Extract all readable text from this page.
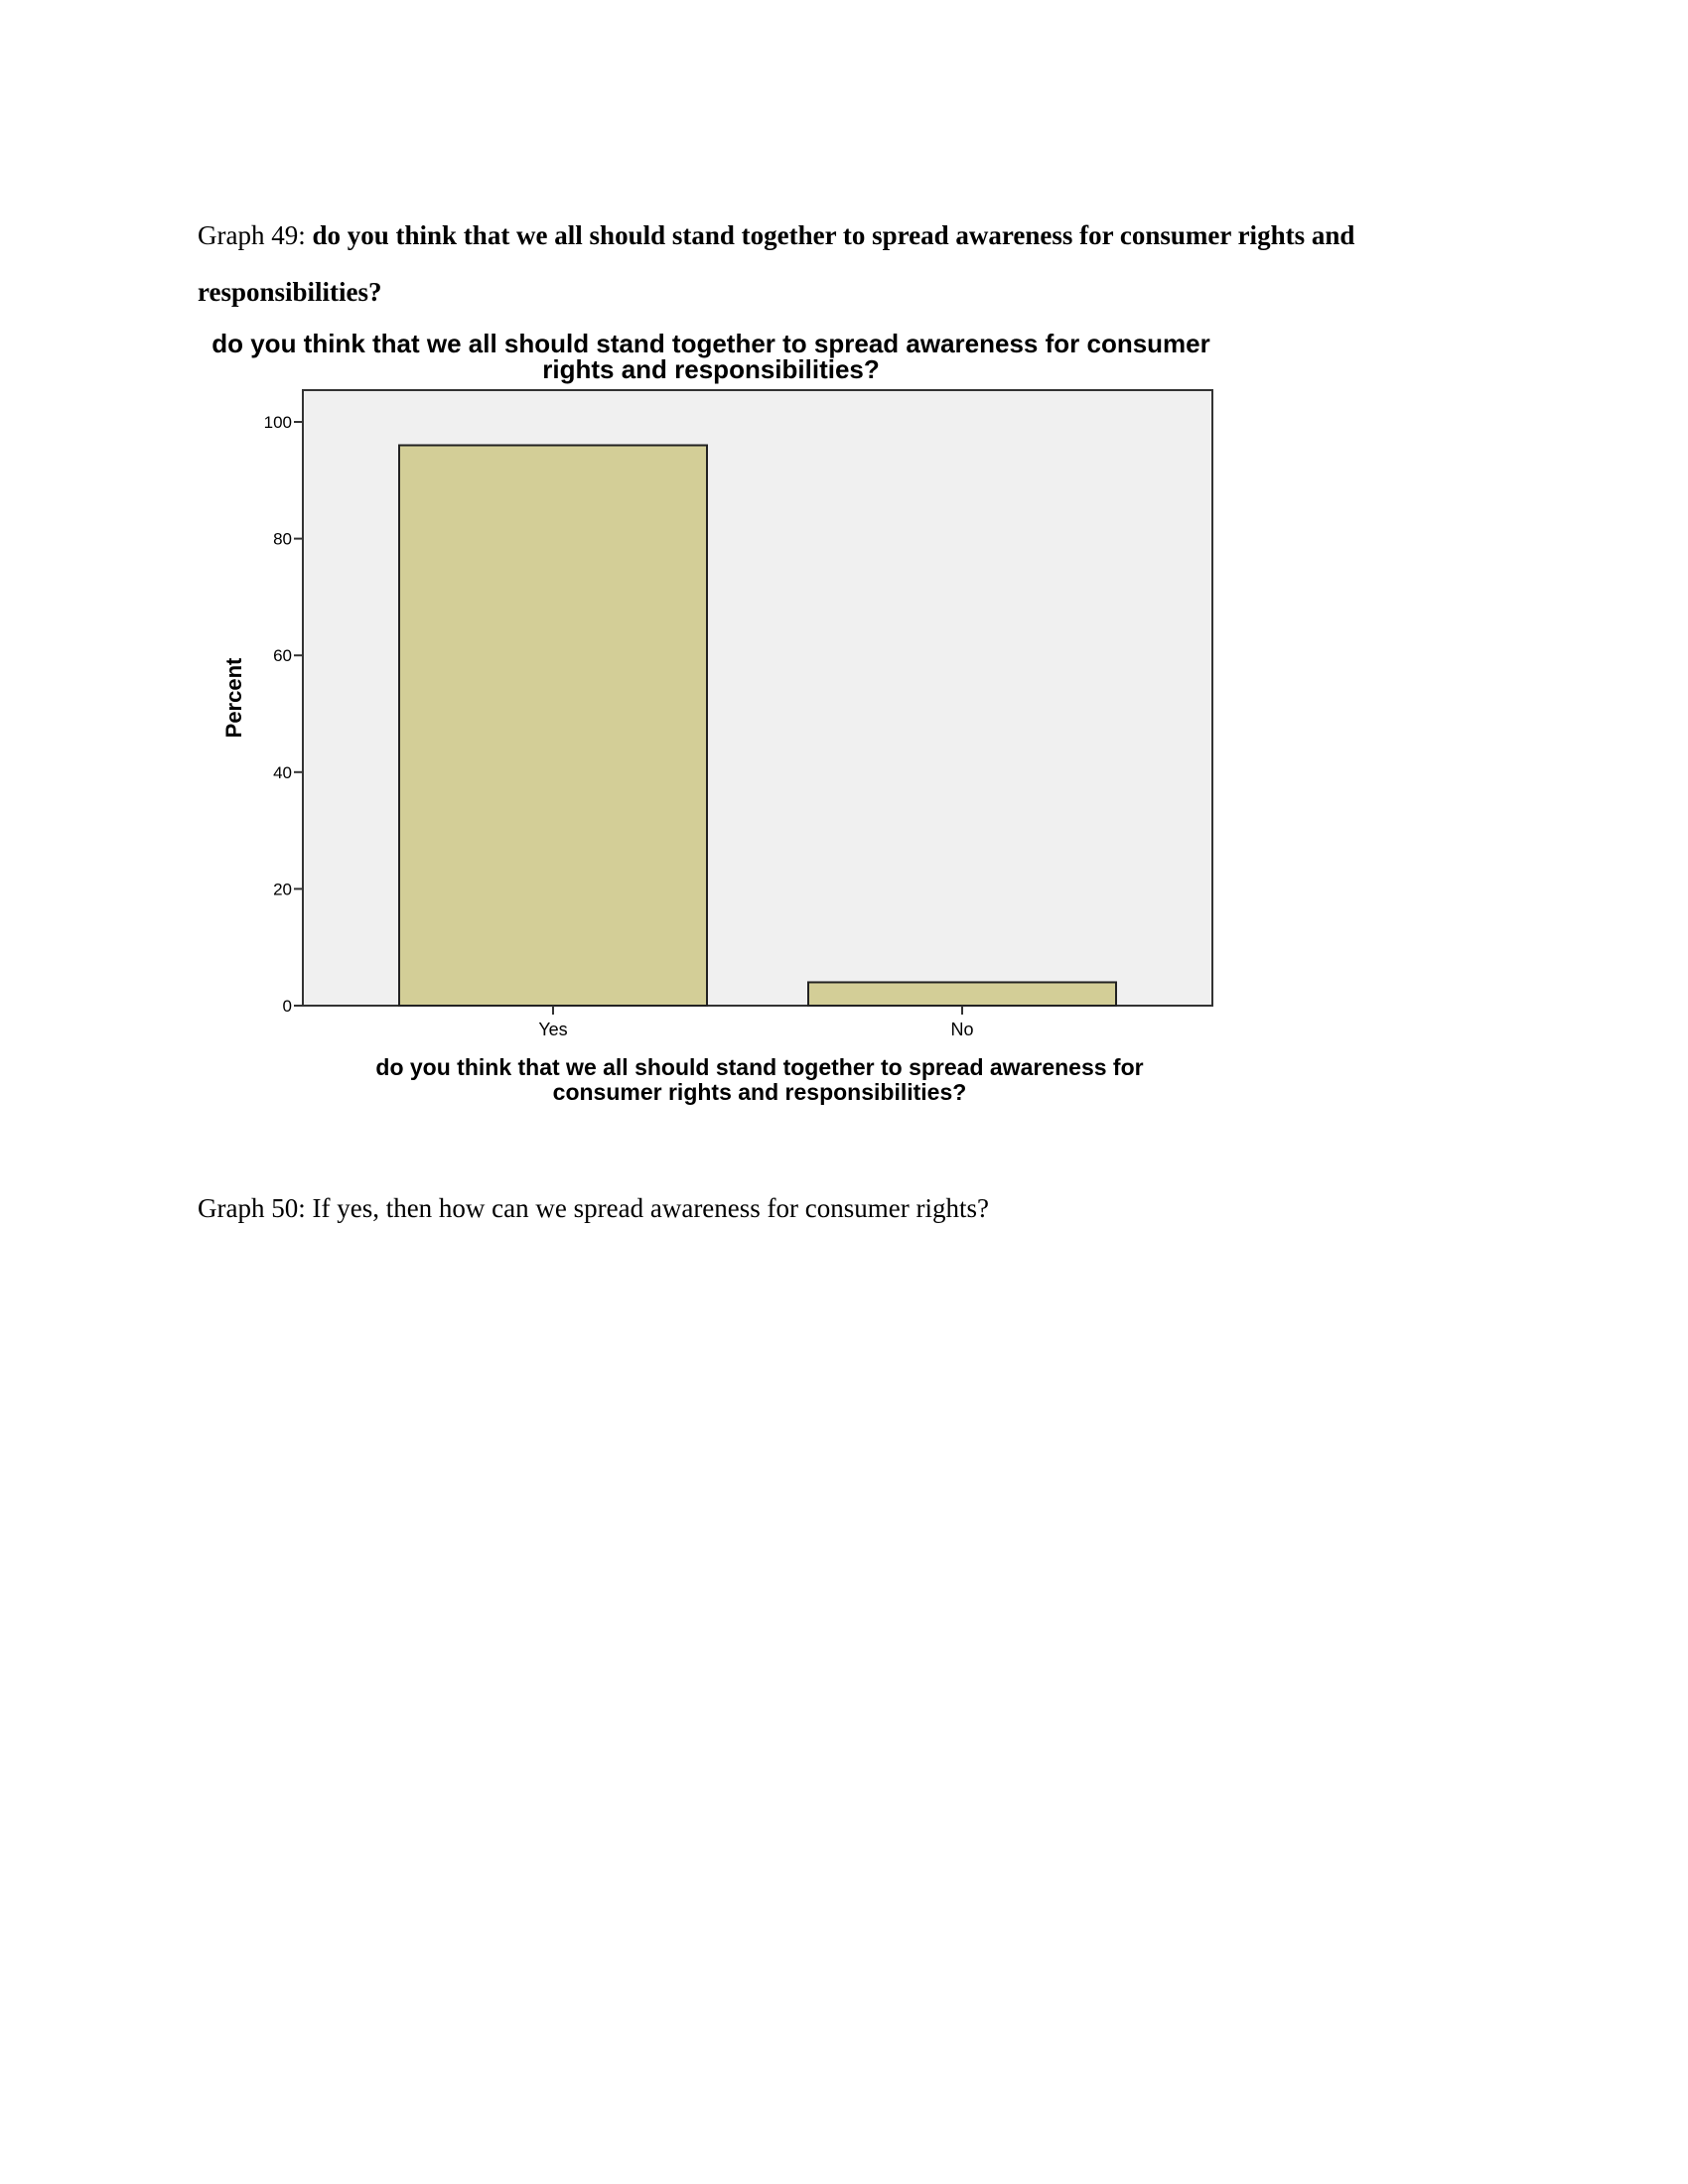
Graph 49: do you think that we all should stand together to spread awareness for consumer rights and
responsibilities?
do you think that we all should stand together to spread awareness for consumer
rights and responsibilities?
0
20
40
60
80
100
Yes	No
Percent
do you think that we all should stand together to spread awareness for
consumer rights and responsibilities?
Graph 50: If yes, then how can we spread awareness for consumer rights?
